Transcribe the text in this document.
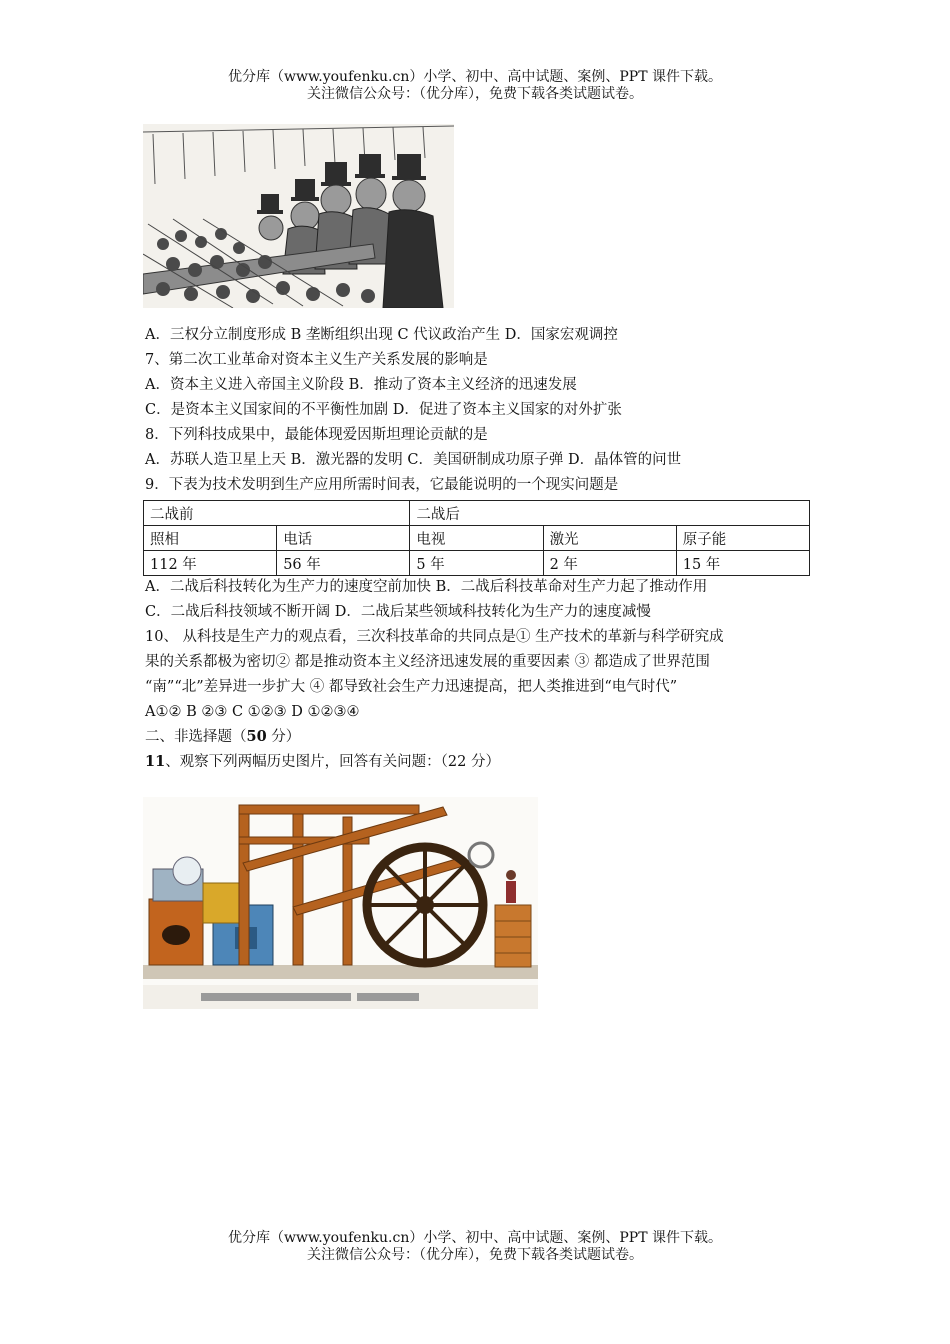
优分库（www.youfenku.cn）小学、初中、高中试题、案例、PPT 课件下载。
关注微信公众号：（优分库），免费下载各类试题试卷。
A．三权分立制度形成 B 垄断组织出现 C 代议政治产生 D．国家宏观调控
7、第二次工业革命对资本主义生产关系发展的影响是
A．资本主义进入帝国主义阶段 B．推动了资本主义经济的迅速发展
C．是资本主义国家间的不平衡性加剧 D．促进了资本主义国家的对外扩张
8．下列科技成果中，最能体现爱因斯坦理论贡献的是
A．苏联人造卫星上天 B．激光器的发明 C．美国研制成功原子弹 D．晶体管的问世
9．下表为技术发明到生产应用所需时间表，它最能说明的一个现实问题是
二战前		二战后		
照相	电话	电视	激光	原子能
112 年	56 年	5 年	2 年	15 年
A．二战后科技转化为生产力的速度空前加快 B．二战后科技革命对生产力起了推动作用
C．二战后科技领域不断开阔 D．二战后某些领域科技转化为生产力的速度减慢
10、 从科技是生产力的观点看，三次科技革命的共同点是① 生产技术的革新与科学研究成
果的关系都极为密切② 都是推动资本主义经济迅速发展的重要因素 ③ 都造成了世界范围
“南”“北”差异进一步扩大 ④ 都导致社会生产力迅速提高，把人类推进到“电气时代”
A①② B ②③ C ①②③ D ①②③④
二、非选择题（50 分）
11、观察下列两幅历史图片，回答有关问题：（22 分）
优分库（www.youfenku.cn）小学、初中、高中试题、案例、PPT 课件下载。
关注微信公众号：（优分库），免费下载各类试题试卷。
